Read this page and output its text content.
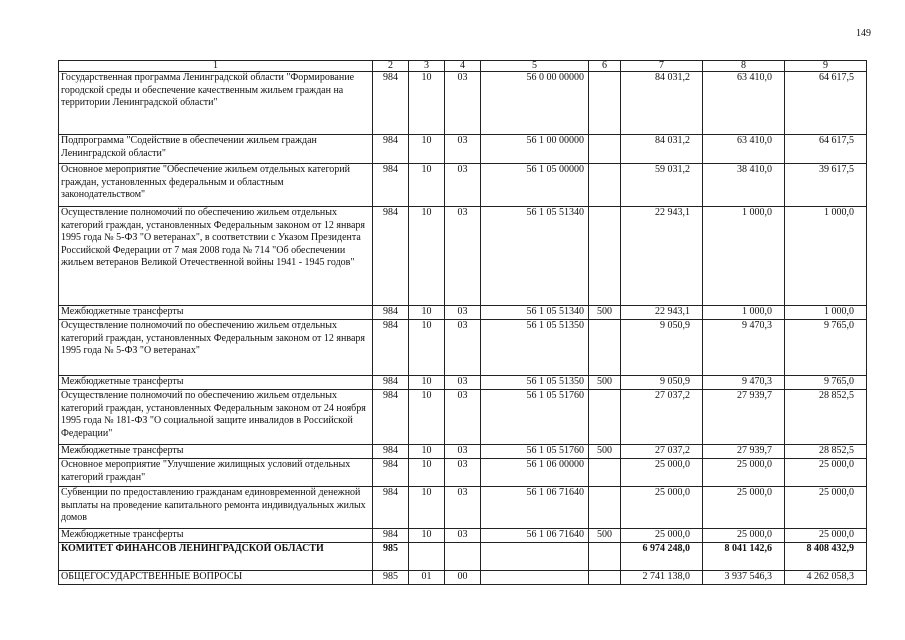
149
1	2	3	4	5	6	7	8	9
Государственная программа Ленинградской области "Формирование городской среды и обеспечение качественным жильем граждан на территории Ленинградской области"	984	10	03	56 0 00 00000		84 031,2	63 410,0	64 617,5
Подпрограмма "Содействие в обеспечении жильем граждан Ленинградской области"	984	10	03	56 1 00 00000		84 031,2	63 410,0	64 617,5
Основное мероприятие "Обеспечение жильем отдельных категорий граждан, установленных федеральным и областным законодательством"	984	10	03	56 1 05 00000		59 031,2	38 410,0	39 617,5
Осуществление полномочий по обеспечению жильем отдельных категорий граждан, установленных Федеральным законом от 12 января 1995 года № 5-ФЗ "О ветеранах", в соответствии с Указом Президента Российской Федерации от 7 мая 2008 года № 714 "Об обеспечении жильем ветеранов Великой Отечественной войны 1941 - 1945 годов"	984	10	03	56 1 05 51340		22 943,1	1 000,0	1 000,0
Межбюджетные трансферты	984	10	03	56 1 05 51340	500	22 943,1	1 000,0	1 000,0
Осуществление полномочий по обеспечению жильем отдельных категорий граждан, установленных Федеральным законом от 12 января 1995 года № 5-ФЗ "О ветеранах"	984	10	03	56 1 05 51350		9 050,9	9 470,3	9 765,0
Межбюджетные трансферты	984	10	03	56 1 05 51350	500	9 050,9	9 470,3	9 765,0
Осуществление полномочий по обеспечению жильем отдельных категорий граждан, установленных Федеральным законом от 24 ноября 1995 года № 181-ФЗ "О социальной защите инвалидов в Российской Федерации"	984	10	03	56 1 05 51760		27 037,2	27 939,7	28 852,5
Межбюджетные трансферты	984	10	03	56 1 05 51760	500	27 037,2	27 939,7	28 852,5
Основное мероприятие "Улучшение жилищных условий отдельных категорий граждан"	984	10	03	56 1 06 00000		25 000,0	25 000,0	25 000,0
Субвенции по предоставлению гражданам единовременной денежной выплаты на проведение капитального ремонта индивидуальных жилых домов	984	10	03	56 1 06 71640		25 000,0	25 000,0	25 000,0
Межбюджетные трансферты	984	10	03	56 1 06 71640	500	25 000,0	25 000,0	25 000,0
КОМИТЕТ ФИНАНСОВ ЛЕНИНГРАДСКОЙ ОБЛАСТИ	985					6 974 248,0	8 041 142,6	8 408 432,9
ОБЩЕГОСУДАРСТВЕННЫЕ ВОПРОСЫ	985	01	00			2 741 138,0	3 937 546,3	4 262 058,3
